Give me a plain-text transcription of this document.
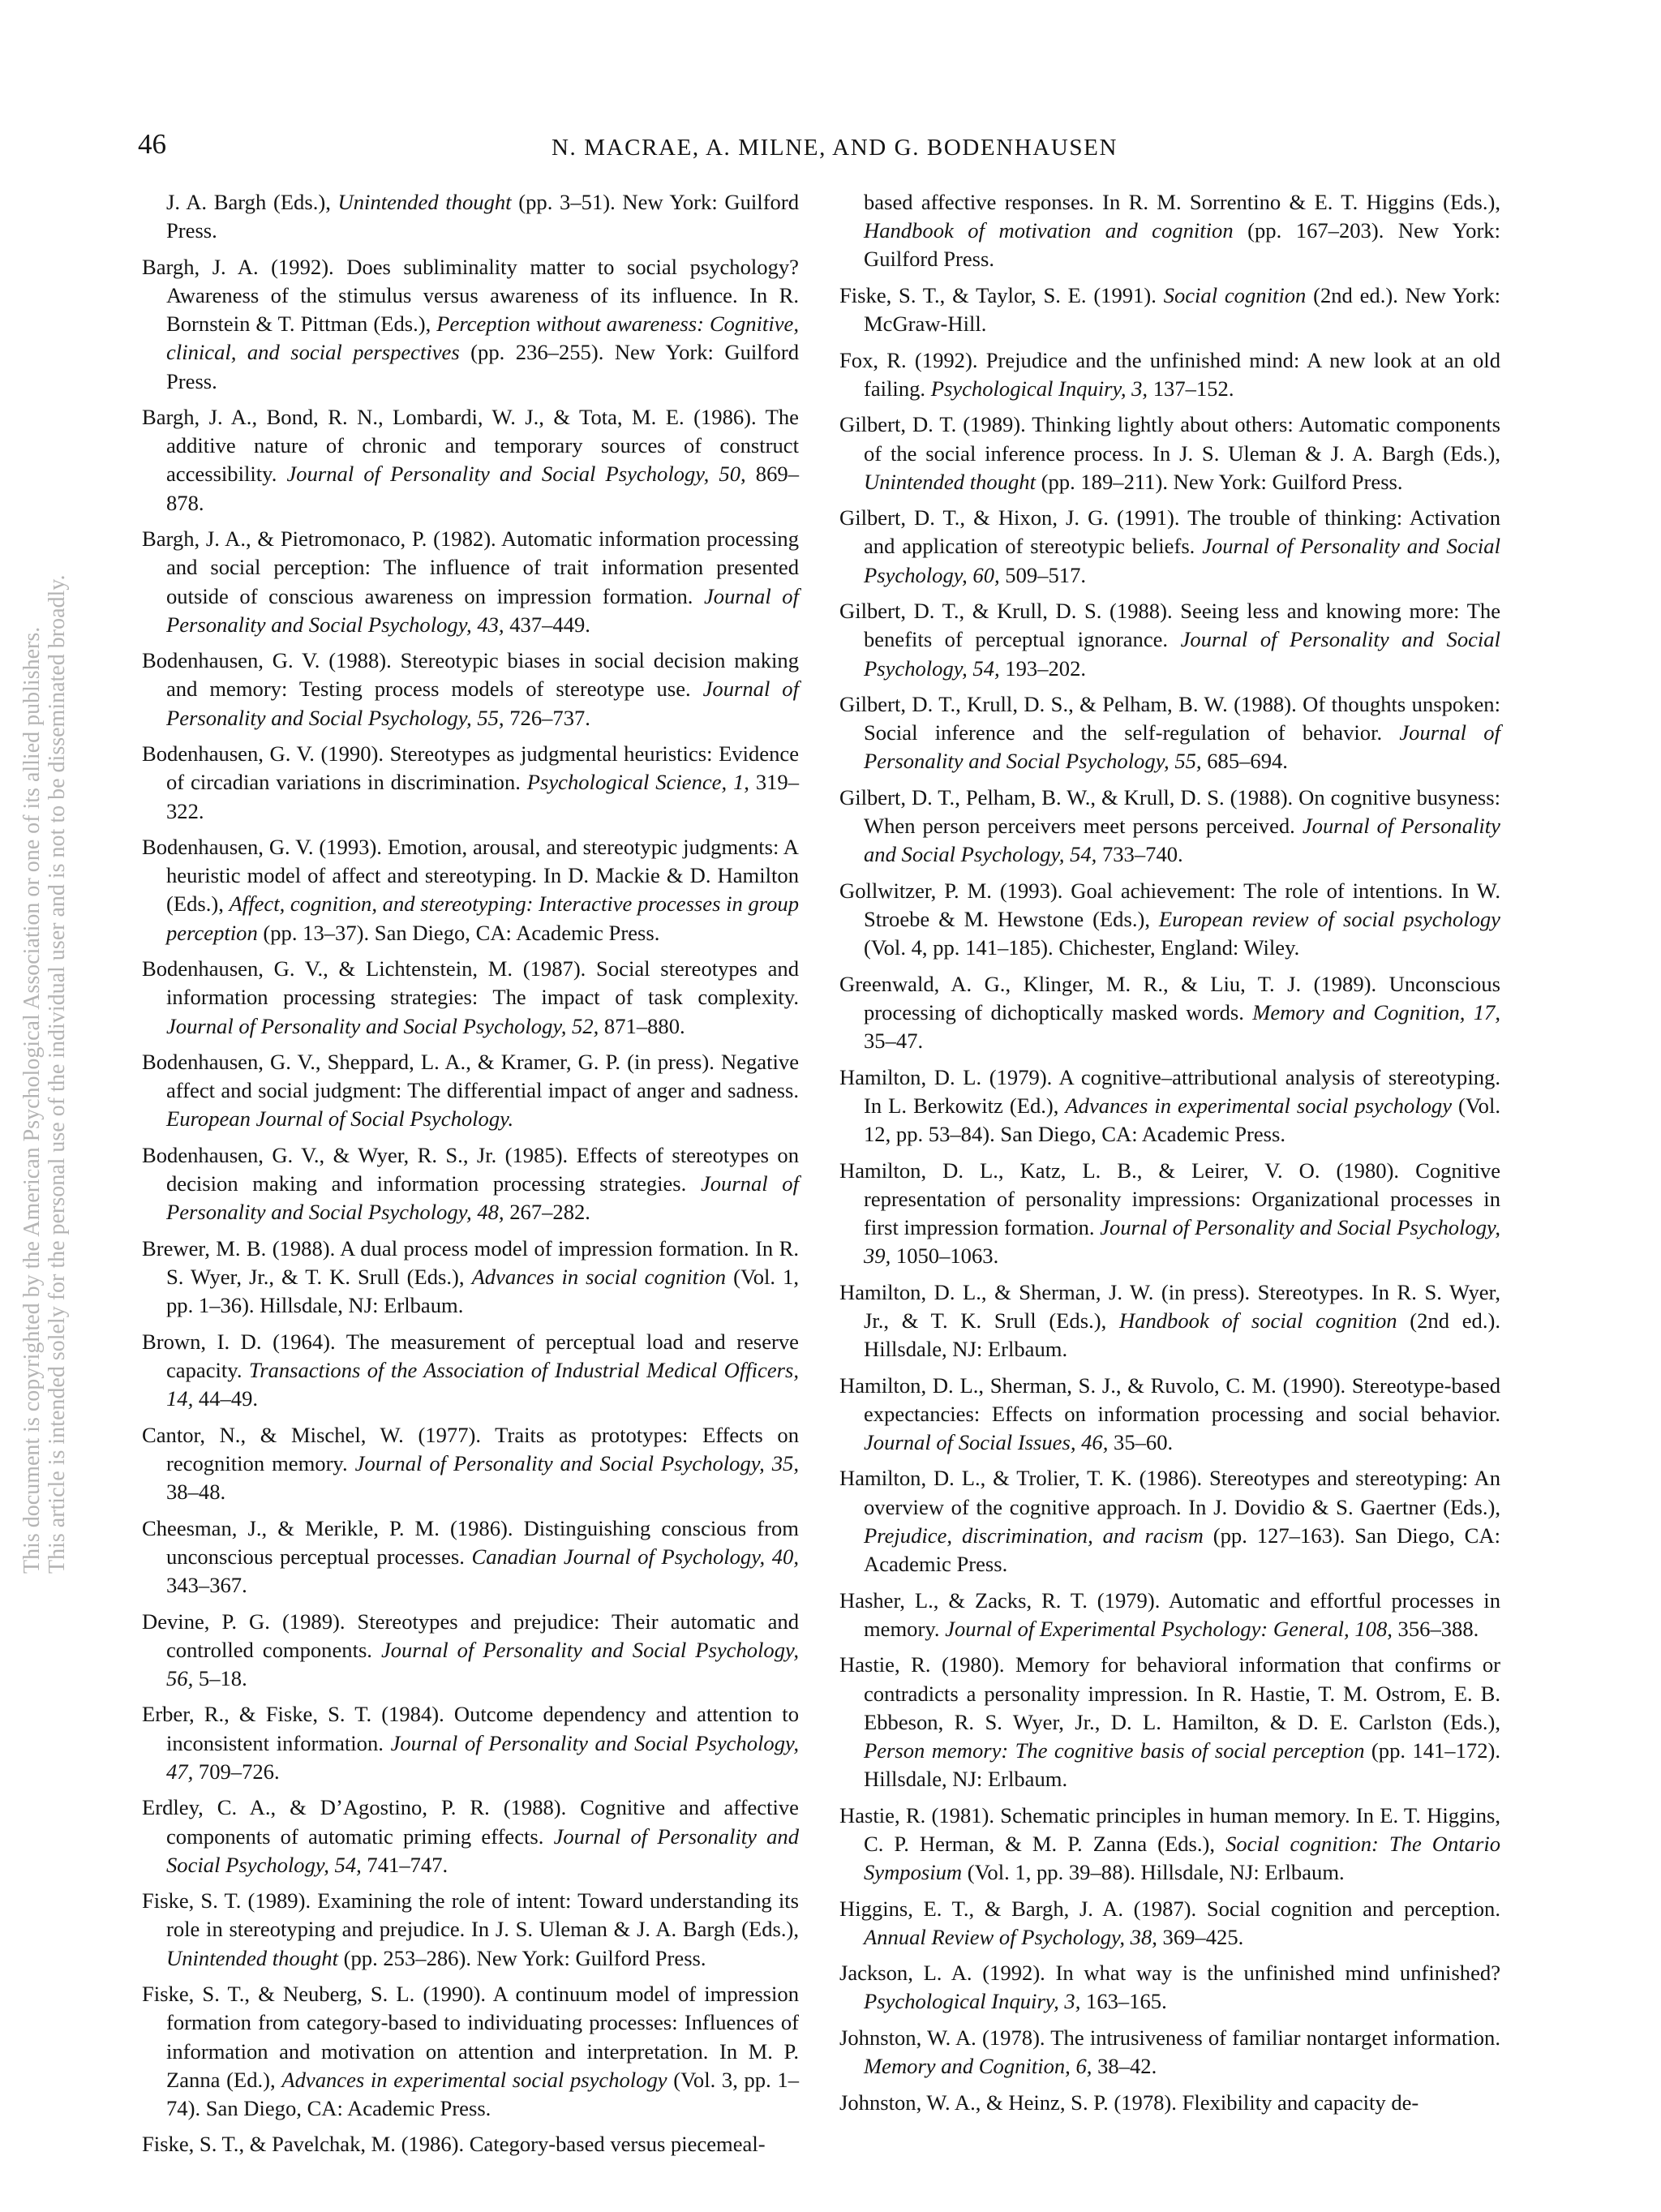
This document is copyrighted by the American Psychological Association or one of its allied publishers. This article is intended solely for the personal use of the individual user and is not to be disseminated broadly.
46	N. MACRAE, A. MILNE, AND G. BODENHAUSEN

J. A. Bargh (Eds.), Unintended thought (pp. 3–51). New York: Guilford Press.

Bargh, J. A. (1992). Does subliminality matter to social psychology? Awareness of the stimulus versus awareness of its influence. In R. Bornstein & T. Pittman (Eds.), Perception without awareness: Cognitive, clinical, and social perspectives (pp. 236–255). New York: Guilford Press.

Bargh, J. A., Bond, R. N., Lombardi, W. J., & Tota, M. E. (1986). The additive nature of chronic and temporary sources of construct accessibility. Journal of Personality and Social Psychology, 50, 869–878.

Bargh, J. A., & Pietromonaco, P. (1982). Automatic information processing and social perception: The influence of trait information presented outside of conscious awareness on impression formation. Journal of Personality and Social Psychology, 43, 437–449.

Bodenhausen, G. V. (1988). Stereotypic biases in social decision making and memory: Testing process models of stereotype use. Journal of Personality and Social Psychology, 55, 726–737.

Bodenhausen, G. V. (1990). Stereotypes as judgmental heuristics: Evidence of circadian variations in discrimination. Psychological Science, 1, 319–322.

Bodenhausen, G. V. (1993). Emotion, arousal, and stereotypic judgments: A heuristic model of affect and stereotyping. In D. Mackie & D. Hamilton (Eds.), Affect, cognition, and stereotyping: Interactive processes in group perception (pp. 13–37). San Diego, CA: Academic Press.

Bodenhausen, G. V., & Lichtenstein, M. (1987). Social stereotypes and information processing strategies: The impact of task complexity. Journal of Personality and Social Psychology, 52, 871–880.

Bodenhausen, G. V., Sheppard, L. A., & Kramer, G. P. (in press). Negative affect and social judgment: The differential impact of anger and sadness. European Journal of Social Psychology.

Bodenhausen, G. V., & Wyer, R. S., Jr. (1985). Effects of stereotypes on decision making and information processing strategies. Journal of Personality and Social Psychology, 48, 267–282.

Brewer, M. B. (1988). A dual process model of impression formation. In R. S. Wyer, Jr., & T. K. Srull (Eds.), Advances in social cognition (Vol. 1, pp. 1–36). Hillsdale, NJ: Erlbaum.

Brown, I. D. (1964). The measurement of perceptual load and reserve capacity. Transactions of the Association of Industrial Medical Officers, 14, 44–49.

Cantor, N., & Mischel, W. (1977). Traits as prototypes: Effects on recognition memory. Journal of Personality and Social Psychology, 35, 38–48.

Cheesman, J., & Merikle, P. M. (1986). Distinguishing conscious from unconscious perceptual processes. Canadian Journal of Psychology, 40, 343–367.

Devine, P. G. (1989). Stereotypes and prejudice: Their automatic and controlled components. Journal of Personality and Social Psychology, 56, 5–18.

Erber, R., & Fiske, S. T. (1984). Outcome dependency and attention to inconsistent information. Journal of Personality and Social Psychology, 47, 709–726.

Erdley, C. A., & D’Agostino, P. R. (1988). Cognitive and affective components of automatic priming effects. Journal of Personality and Social Psychology, 54, 741–747.

Fiske, S. T. (1989). Examining the role of intent: Toward understanding its role in stereotyping and prejudice. In J. S. Uleman & J. A. Bargh (Eds.), Unintended thought (pp. 253–286). New York: Guilford Press.

Fiske, S. T., & Neuberg, S. L. (1990). A continuum model of impression formation from category-based to individuating processes: Influences of information and motivation on attention and interpretation. In M. P. Zanna (Ed.), Advances in experimental social psychology (Vol. 3, pp. 1–74). San Diego, CA: Academic Press.

Fiske, S. T., & Pavelchak, M. (1986). Category-based versus piecemeal-

based affective responses. In R. M. Sorrentino & E. T. Higgins (Eds.), Handbook of motivation and cognition (pp. 167–203). New York: Guilford Press.

Fiske, S. T., & Taylor, S. E. (1991). Social cognition (2nd ed.). New York: McGraw-Hill.

Fox, R. (1992). Prejudice and the unfinished mind: A new look at an old failing. Psychological Inquiry, 3, 137–152.

Gilbert, D. T. (1989). Thinking lightly about others: Automatic components of the social inference process. In J. S. Uleman & J. A. Bargh (Eds.), Unintended thought (pp. 189–211). New York: Guilford Press.

Gilbert, D. T., & Hixon, J. G. (1991). The trouble of thinking: Activation and application of stereotypic beliefs. Journal of Personality and Social Psychology, 60, 509–517.

Gilbert, D. T., & Krull, D. S. (1988). Seeing less and knowing more: The benefits of perceptual ignorance. Journal of Personality and Social Psychology, 54, 193–202.

Gilbert, D. T., Krull, D. S., & Pelham, B. W. (1988). Of thoughts unspoken: Social inference and the self-regulation of behavior. Journal of Personality and Social Psychology, 55, 685–694.

Gilbert, D. T., Pelham, B. W., & Krull, D. S. (1988). On cognitive busyness: When person perceivers meet persons perceived. Journal of Personality and Social Psychology, 54, 733–740.

Gollwitzer, P. M. (1993). Goal achievement: The role of intentions. In W. Stroebe & M. Hewstone (Eds.), European review of social psychology (Vol. 4, pp. 141–185). Chichester, England: Wiley.

Greenwald, A. G., Klinger, M. R., & Liu, T. J. (1989). Unconscious processing of dichoptically masked words. Memory and Cognition, 17, 35–47.

Hamilton, D. L. (1979). A cognitive–attributional analysis of stereotyping. In L. Berkowitz (Ed.), Advances in experimental social psychology (Vol. 12, pp. 53–84). San Diego, CA: Academic Press.

Hamilton, D. L., Katz, L. B., & Leirer, V. O. (1980). Cognitive representation of personality impressions: Organizational processes in first impression formation. Journal of Personality and Social Psychology, 39, 1050–1063.

Hamilton, D. L., & Sherman, J. W. (in press). Stereotypes. In R. S. Wyer, Jr., & T. K. Srull (Eds.), Handbook of social cognition (2nd ed.). Hillsdale, NJ: Erlbaum.

Hamilton, D. L., Sherman, S. J., & Ruvolo, C. M. (1990). Stereotype-based expectancies: Effects on information processing and social behavior. Journal of Social Issues, 46, 35–60.

Hamilton, D. L., & Trolier, T. K. (1986). Stereotypes and stereotyping: An overview of the cognitive approach. In J. Dovidio & S. Gaertner (Eds.), Prejudice, discrimination, and racism (pp. 127–163). San Diego, CA: Academic Press.

Hasher, L., & Zacks, R. T. (1979). Automatic and effortful processes in memory. Journal of Experimental Psychology: General, 108, 356–388.

Hastie, R. (1980). Memory for behavioral information that confirms or contradicts a personality impression. In R. Hastie, T. M. Ostrom, E. B. Ebbeson, R. S. Wyer, Jr., D. L. Hamilton, & D. E. Carlston (Eds.), Person memory: The cognitive basis of social perception (pp. 141–172). Hillsdale, NJ: Erlbaum.

Hastie, R. (1981). Schematic principles in human memory. In E. T. Higgins, C. P. Herman, & M. P. Zanna (Eds.), Social cognition: The Ontario Symposium (Vol. 1, pp. 39–88). Hillsdale, NJ: Erlbaum.

Higgins, E. T., & Bargh, J. A. (1987). Social cognition and perception. Annual Review of Psychology, 38, 369–425.

Jackson, L. A. (1992). In what way is the unfinished mind unfinished? Psychological Inquiry, 3, 163–165.

Johnston, W. A. (1978). The intrusiveness of familiar nontarget information. Memory and Cognition, 6, 38–42.

Johnston, W. A., & Heinz, S. P. (1978). Flexibility and capacity de-
